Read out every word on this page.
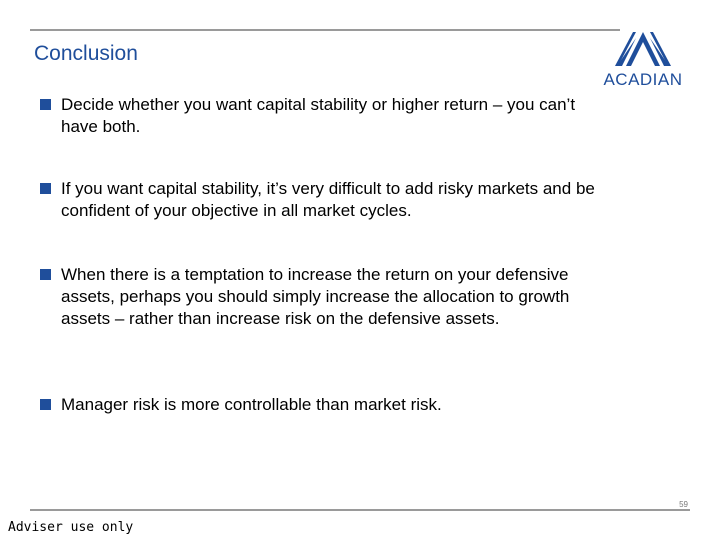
Conclusion
ACADIAN
Decide whether you want capital stability or higher return – you can’t have both.
If you want capital stability, it’s very difficult to add risky markets and be confident of your objective in all market cycles.
When there is a temptation to increase the return on your defensive assets, perhaps you should simply increase the allocation to growth assets – rather than increase risk on the defensive assets.
Manager risk is more controllable than market risk.
59
Adviser use only
